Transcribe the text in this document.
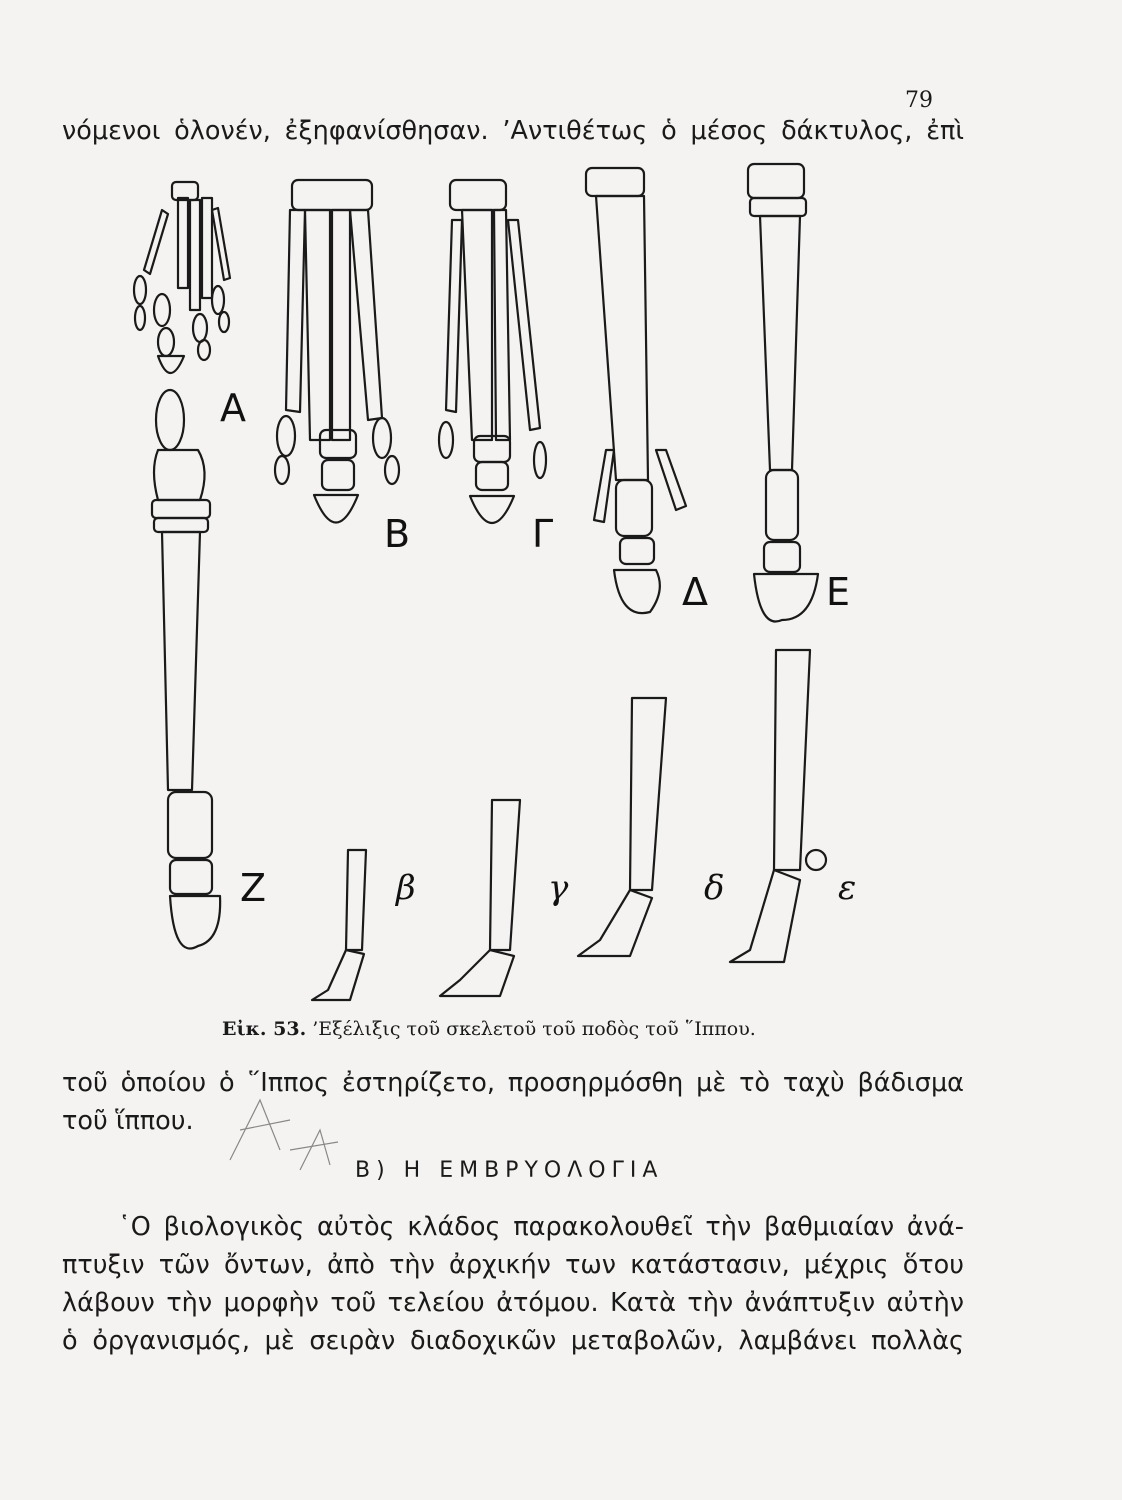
79
νόμενοι ὁλονέν, ἐξηφανίσθησαν. ’Αντιθέτως ὁ μέσος δάκτυλος, ἐπὶ
Α
Β	Γ
Δ	Ε
Ζ	β	γ	δ	ε
Εἰκ. 53. ’Εξέλιξις τοῦ σκελετοῦ τοῦ ποδὸς τοῦ ῞Ιππου.
τοῦ ὁποίου ὁ ῞Ιππος ἐστηρίζετο, προσηρμόσθη μὲ τὸ ταχὺ βάδισμα
τοῦ ἵππου.
Β) Η ΕΜΒΡΥΟΛΟΓΙΑ
῾Ο βιολογικὸς αὐτὸς κλάδος παρακολουθεῖ τὴν βαθμιαίαν ἀνά-
πτυξιν τῶν ὄντων, ἀπὸ τὴν ἀρχικήν των κατάστασιν, μέχρις ὅτου
λάβουν τὴν μορφὴν τοῦ τελείου ἀτόμου. Κατὰ τὴν ἀνάπτυξιν αὐτὴν
ὁ ὀργανισμός, μὲ σειρὰν διαδοχικῶν μεταβολῶν, λαμβάνει πολλὰς
